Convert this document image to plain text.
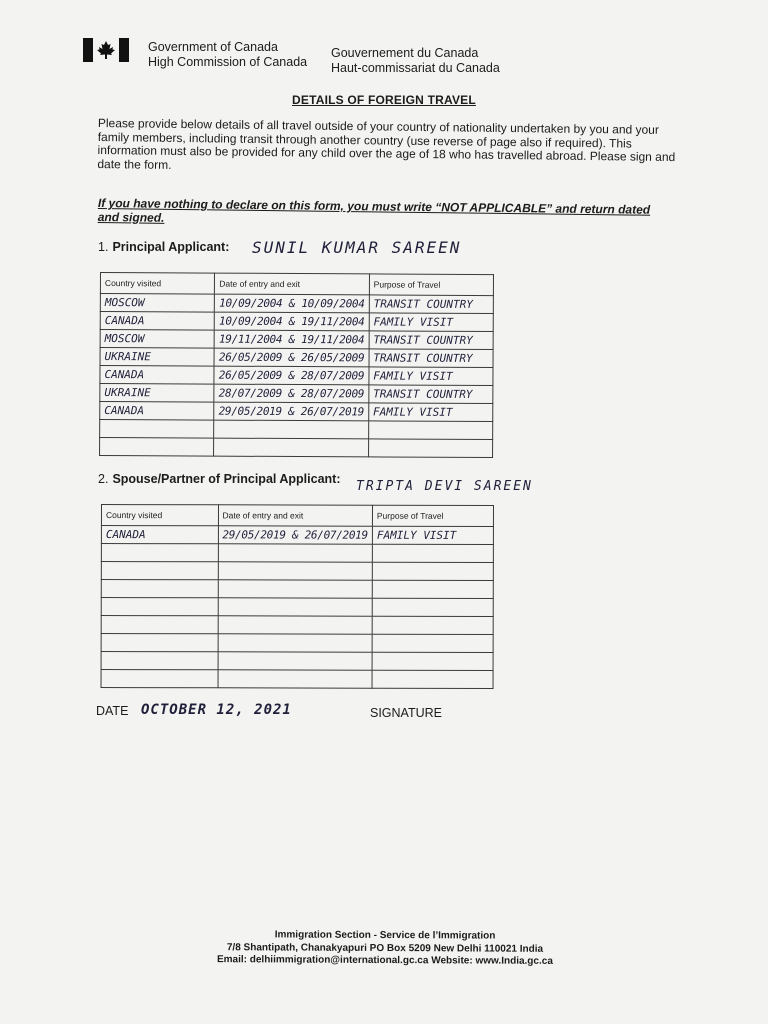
Government of Canada
High Commission of Canada
Gouvernement du Canada
Haut-commissariat du Canada
DETAILS OF FOREIGN TRAVEL
Please provide below details of all travel outside of your country of nationality undertaken by you and your family members, including transit through another country (use reverse of page also if required). This information must also be provided for any child over the age of 18 who has travelled abroad. Please sign and date the form.
If you have nothing to declare on this form, you must write “NOT APPLICABLE” and return dated and signed.
1. Principal Applicant: SUNIL KUMAR SAREEN
Country visited	Date of entry and exit	Purpose of Travel
MOSCOW	10/09/2004 & 10/09/2004	TRANSIT COUNTRY
CANADA	10/09/2004 & 19/11/2004	FAMILY VISIT
MOSCOW	19/11/2004 & 19/11/2004	TRANSIT COUNTRY
UKRAINE	26/05/2009 & 26/05/2009	TRANSIT COUNTRY
CANADA	26/05/2009 & 28/07/2009	FAMILY VISIT
UKRAINE	28/07/2009 & 28/07/2009	TRANSIT COUNTRY
CANADA	29/05/2019 & 26/07/2019	FAMILY VISIT

2. Spouse/Partner of Principal Applicant: TRIPTA DEVI SAREEN
Country visited	Date of entry and exit	Purpose of Travel
CANADA	29/05/2019 & 26/07/2019	FAMILY VISIT

DATE OCTOBER 12, 2021	SIGNATURE
Immigration Section - Service de l’Immigration
7/8 Shantipath, Chanakyapuri PO Box 5209 New Delhi 110021 India
Email: delhiimmigration@international.gc.ca Website: www.India.gc.ca
